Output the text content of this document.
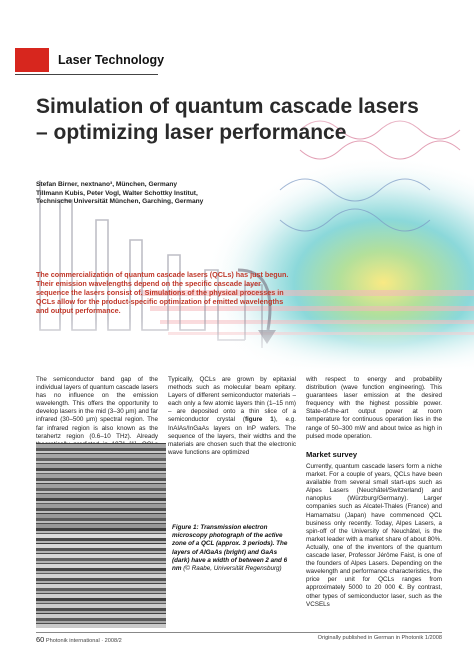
Laser Technology
Simulation of quantum cascade lasers
– optimizing laser performance
Stefan Birner, nextnano³, München, Germany
Tillmann Kubis, Peter Vogl, Walter Schottky Institut,
Technische Universität München, Garching, Germany
The commercialization of quantum cascade lasers (QCLs) has just begun. Their emission wavelengths depend on the specific cascade layer sequence the lasers consist of. Simulations of the physical processes in QCLs allow for the product-specific optimization of emitted wavelengths and output performance.
The semiconductor band gap of the individual layers of quantum cascade lasers has no influence on the emission wavelength. This offers the opportunity to develop lasers in the mid (3–30 μm) and far infrared (30–500 μm) spectral region. The far infrared region is also known as the terahertz region (0.6–10 THz). Already
Typically, QCLs are grown by epitaxial methods such as molecular beam epitaxy. Layers of different semiconductor materials – each only a few atomic layers thin (1–15 nm) – are deposited onto a thin slice of a semiconductor crystal (figure 1), e.g. InAlAs/InGaAs layers on InP wafers. The sequence of the layers, their widths and the materials are chosen such that the electronic wave functions are optimized
with respect to energy and probability distribution (wave function engineering). This guarantees laser emission at the desired frequency with the highest possible power. State-of-the-art output power at room temperature for continuous operation lies in the range of 50–300 mW and about twice as high in pulsed mode operation.
Market survey
Currently, quantum cascade lasers form a niche market. For a couple of years, QCLs have been available from several small start-ups such as Alpes Lasers (Neuchâtel/Switzerland) and nanoplus (Würzburg/Germany). Larger companies such as Alcatel-Thales (France) and Hamamatsu (Japan) have commenced QCL business only recently. Today, Alpes Lasers, a spin-off of the University of Neuchâtel, is the market leader with a market share of about 80%. Actually, one of the inventors of the quantum cascade laser, Professor Jérôme Faist, is one of the founders of Alpes Lasers. Depending on the wavelength and performance characteristics, the price per unit for QCLs ranges from approximately 5000 to 20 000 €. By contrast, other types of semiconductor laser, such as the VCSELs
Figure 1: Transmission electron microscopy photograph of the active zone of a QCL (approx. 3 periods). The layers of AlGaAs (bright) and GaAs (dark) have a width of between 2 and 6 nm (© Raabe, Universität Regensburg)
60 Photonik international · 2008/2	Originally published in German in Photonik 1/2008
